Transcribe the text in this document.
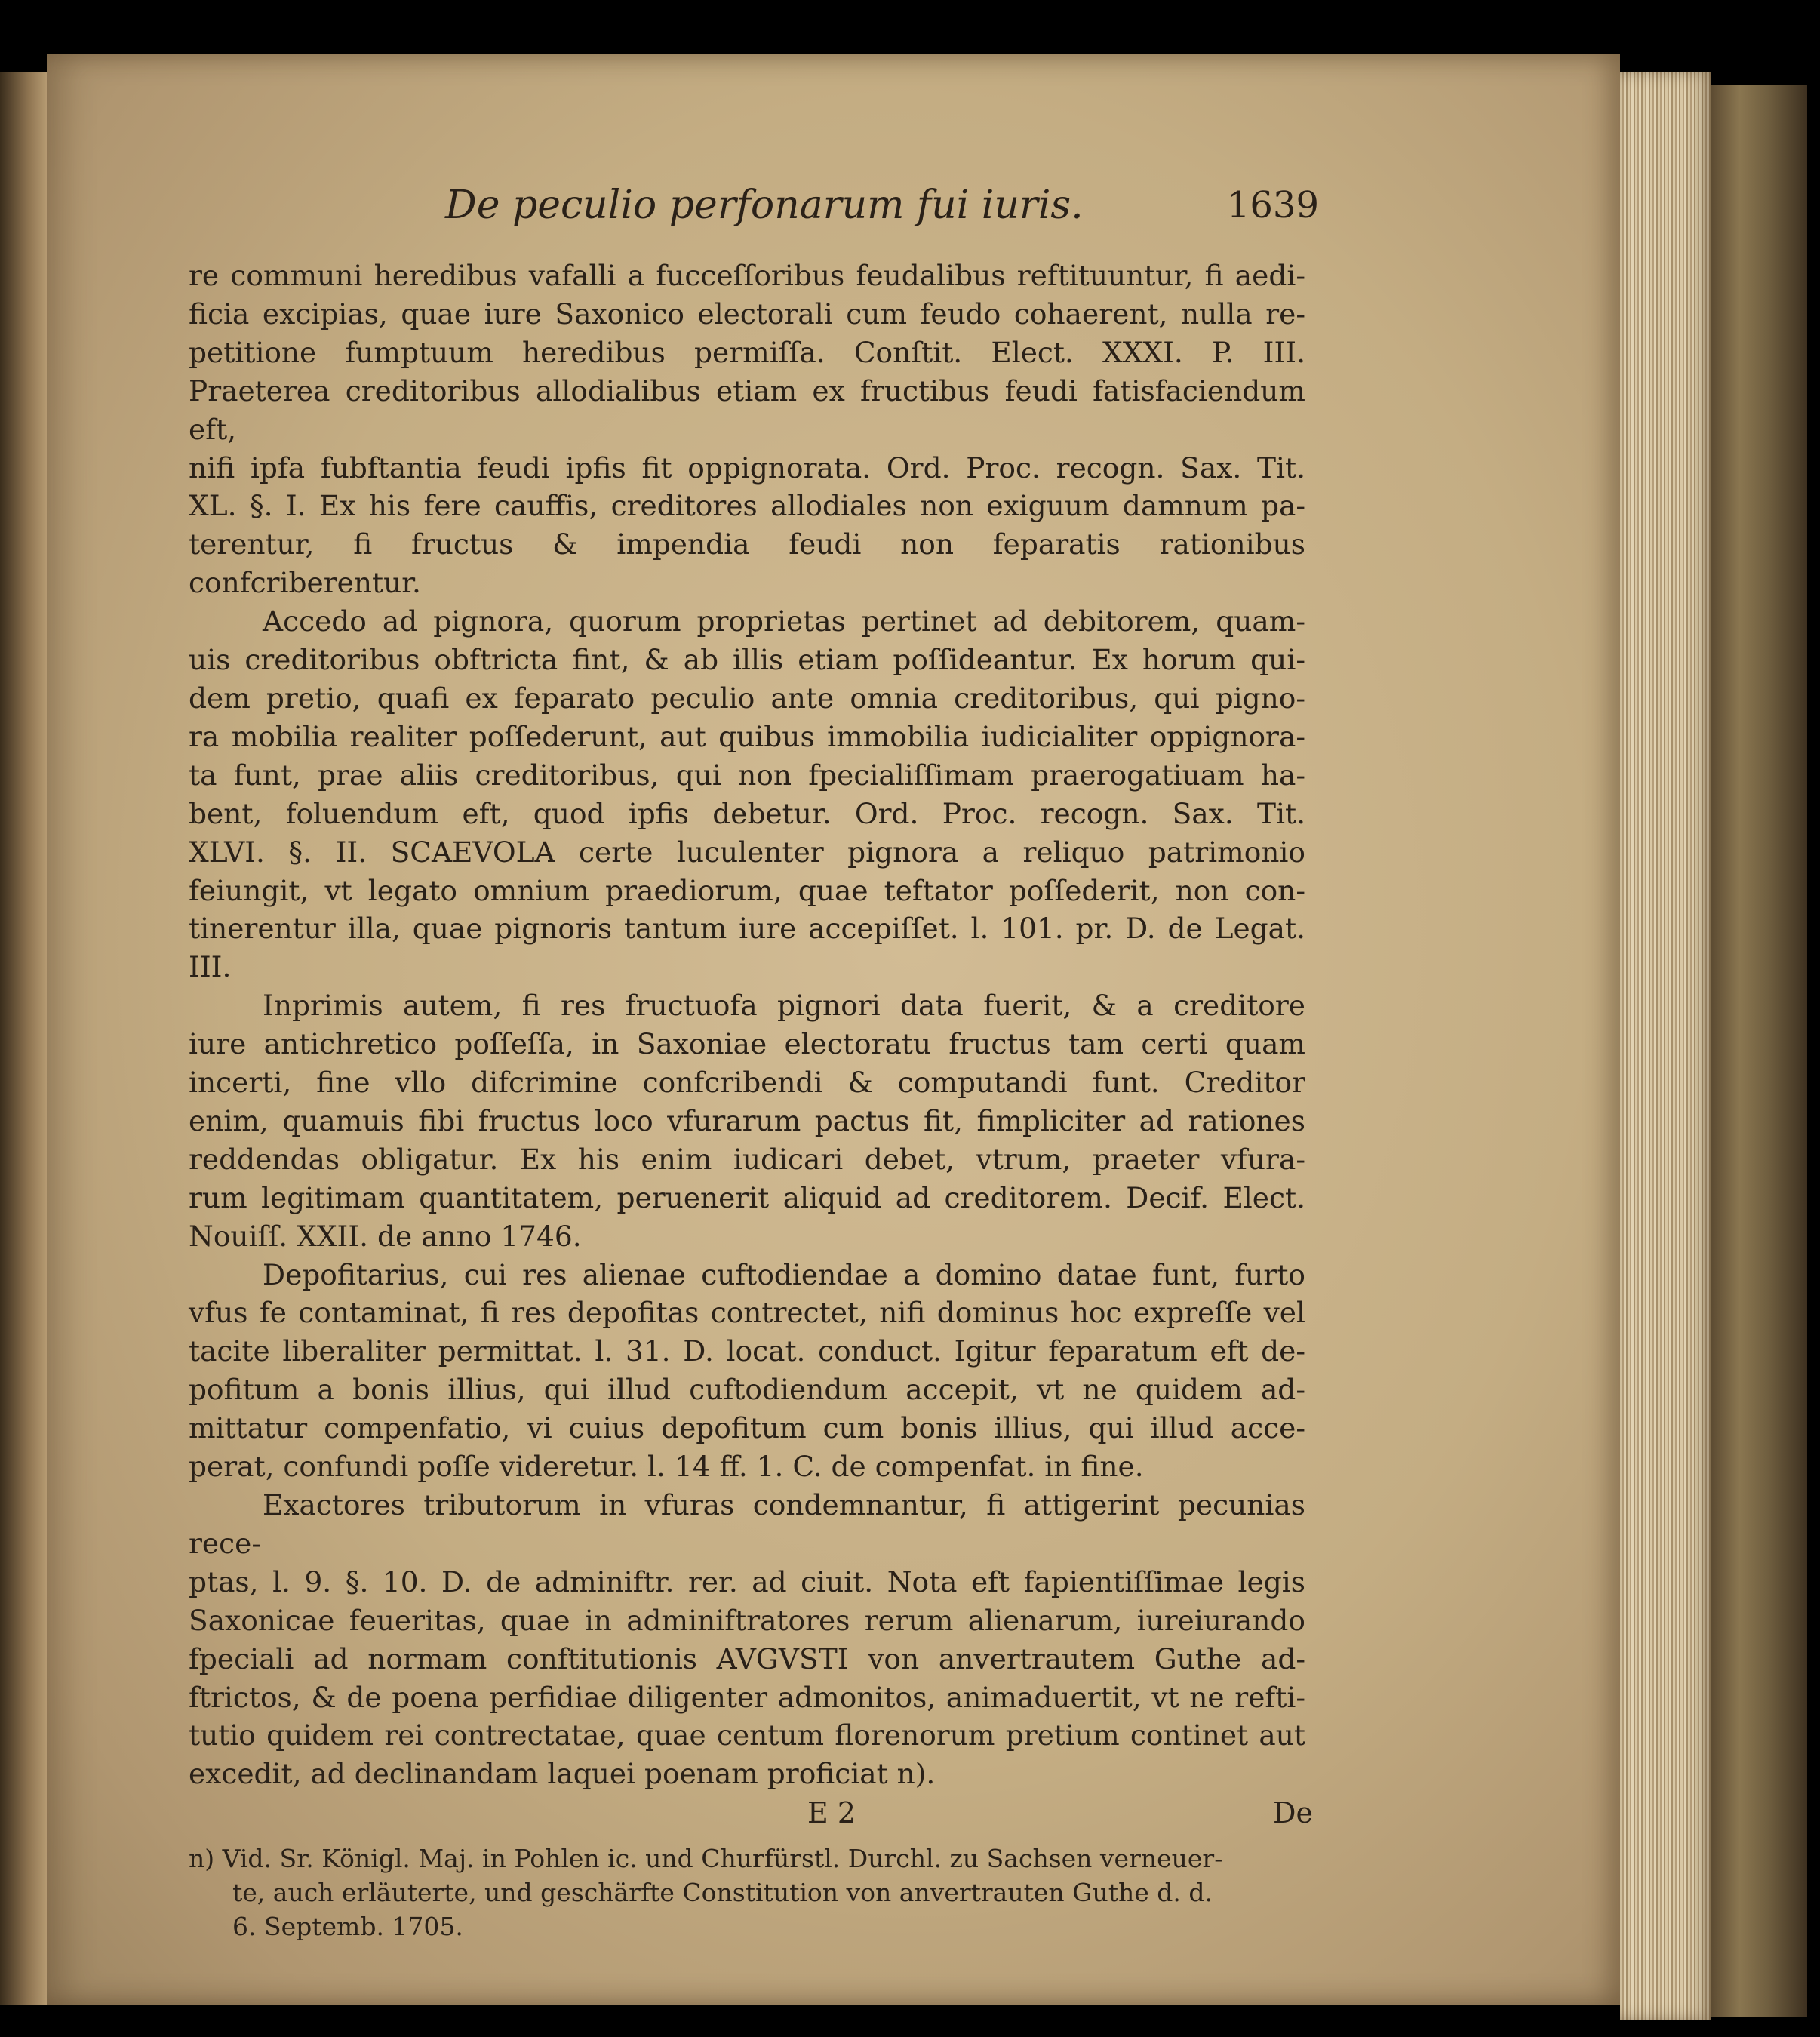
De peculio perfonarum fui iuris.	1639

re communi heredibus vafalli a fucceſſoribus feudalibus reftituuntur, fi aedi-

ficia excipias, quae iure Saxonico electorali cum feudo cohaerent, nulla re-

petitione fumptuum heredibus permiſſa. Conſtit. Elect. XXXI. P. III.

Praeterea creditoribus allodialibus etiam ex fructibus feudi fatisfaciendum eft,

nifi ipfa fubftantia feudi ipfis fit oppignorata. Ord. Proc. recogn. Sax. Tit.

XL. §. I. Ex his fere cauffis, creditores allodiales non exiguum damnum pa-

terentur, fi fructus & impendia feudi non feparatis rationibus confcriberentur.

Accedo ad pignora, quorum proprietas pertinet ad debitorem, quam-

uis creditoribus obftricta fint, & ab illis etiam poſſideantur. Ex horum qui-

dem pretio, quafi ex feparato peculio ante omnia creditoribus, qui pigno-

ra mobilia realiter poſſederunt, aut quibus immobilia iudicialiter oppignora-

ta funt, prae aliis creditoribus, qui non fpecialiſſimam praerogatiuam ha-

bent, foluendum eft, quod ipfis debetur. Ord. Proc. recogn. Sax. Tit.

XLVI. §. II. SCAEVOLA certe luculenter pignora a reliquo patrimonio

feiungit, vt legato omnium praediorum, quae teftator poſſederit, non con-

tinerentur illa, quae pignoris tantum iure accepiſſet. l. 101. pr. D. de Legat. III.

Inprimis autem, fi res fructuofa pignori data fuerit, & a creditore

iure antichretico poſſeſſa, in Saxoniae electoratu fructus tam certi quam

incerti, fine vllo difcrimine confcribendi & computandi funt. Creditor

enim, quamuis fibi fructus loco vfurarum pactus fit, fimpliciter ad rationes

reddendas obligatur. Ex his enim iudicari debet, vtrum, praeter vfura-

rum legitimam quantitatem, peruenerit aliquid ad creditorem. Decif. Elect.

Nouiſſ. XXII. de anno 1746.

Depofitarius, cui res alienae cuftodiendae a domino datae funt, furto

vfus fe contaminat, fi res depofitas contrectet, nifi dominus hoc expreſſe vel

tacite liberaliter permittat. l. 31. D. locat. conduct. Igitur feparatum eft de-

pofitum a bonis illius, qui illud cuftodiendum accepit, vt ne quidem ad-

mittatur compenfatio, vi cuius depofitum cum bonis illius, qui illud acce-

perat, confundi poſſe videretur. l. 14 ff. 1. C. de compenfat. in fine.

Exactores tributorum in vfuras condemnantur, fi attigerint pecunias rece-

ptas, l. 9. §. 10. D. de adminiftr. rer. ad ciuit. Nota eft fapientiſſimae legis

Saxonicae feueritas, quae in adminiftratores rerum alienarum, iureiurando

fpeciali ad normam conftitutionis AVGVSTI von anvertrautem Guthe ad-

ftrictos, & de poena perfidiae diligenter admonitos, animaduertit, vt ne refti-

tutio quidem rei contrectatae, quae centum florenorum pretium continet aut

excedit, ad declinandam laquei poenam proficiat n).

E 2	De

n) Vid. Sr. Königl. Maj. in Pohlen ic. und Churfürstl. Durchl. zu Sachsen verneuer-

te, auch erläuterte, und geschärfte Constitution von anvertrauten Guthe d. d.

6. Septemb. 1705.
